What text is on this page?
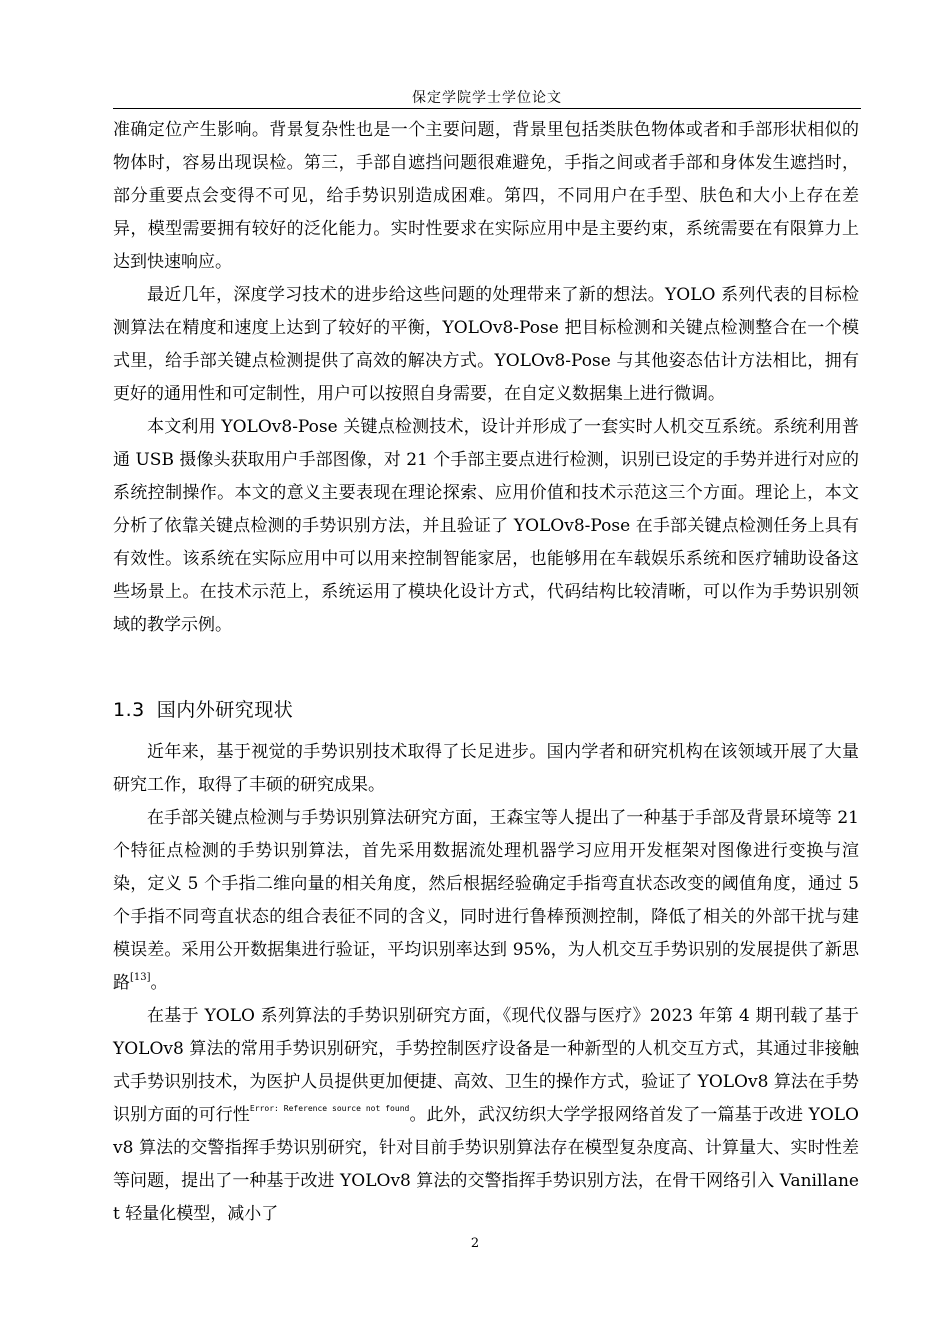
保定学院学士学位论文

准确定位产生影响。背景复杂性也是一个主要问题，背景里包括类肤色物体或者和手部形状相似的物体时，容易出现误检。第三，手部自遮挡问题很难避免，手指之间或者手部和身体发生遮挡时，部分重要点会变得不可见，给手势识别造成困难。第四，不同用户在手型、肤色和大小上存在差异，模型需要拥有较好的泛化能力。实时性要求在实际应用中是主要约束，系统需要在有限算力上达到快速响应。

最近几年，深度学习技术的进步给这些问题的处理带来了新的想法。YOLO 系列代表的目标检测算法在精度和速度上达到了较好的平衡，YOLOv8-Pose 把目标检测和关键点检测整合在一个模式里，给手部关键点检测提供了高效的解决方式。YOLOv8-Pose 与其他姿态估计方法相比，拥有更好的通用性和可定制性，用户可以按照自身需要，在自定义数据集上进行微调。

本文利用 YOLOv8-Pose 关键点检测技术，设计并形成了一套实时人机交互系统。系统利用普通 USB 摄像头获取用户手部图像，对 21 个手部主要点进行检测，识别已设定的手势并进行对应的系统控制操作。本文的意义主要表现在理论探索、应用价值和技术示范这三个方面。理论上，本文分析了依靠关键点检测的手势识别方法，并且验证了 YOLOv8-Pose 在手部关键点检测任务上具有有效性。该系统在实际应用中可以用来控制智能家居，也能够用在车载娱乐系统和医疗辅助设备这些场景上。在技术示范上，系统运用了模块化设计方式，代码结构比较清晰，可以作为手势识别领域的教学示例。

1.3 国内外研究现状

近年来，基于视觉的手势识别技术取得了长足进步。国内学者和研究机构在该领域开展了大量研究工作，取得了丰硕的研究成果。

在手部关键点检测与手势识别算法研究方面，王森宝等人提出了一种基于手部及背景环境等 21 个特征点检测的手势识别算法，首先采用数据流处理机器学习应用开发框架对图像进行变换与渲染，定义 5 个手指二维向量的相关角度，然后根据经验确定手指弯直状态改变的阈值角度，通过 5 个手指不同弯直状态的组合表征不同的含义，同时进行鲁棒预测控制，降低了相关的外部干扰与建模误差。采用公开数据集进行验证，平均识别率达到 95%，为人机交互手势识别的发展提供了新思路[13]。

在基于 YOLO 系列算法的手势识别研究方面，《现代仪器与医疗》2023 年第 4 期刊载了基于 YOLOv8 算法的常用手势识别研究，手势控制医疗设备是一种新型的人机交互方式，其通过非接触式手势识别技术，为医护人员提供更加便捷、高效、卫生的操作方式，验证了 YOLOv8 算法在手势识别方面的可行性$^{Error: Reference source not found}$。此外，武汉纺织大学学报网络首发了一篇基于改进 YOLOv8 算法的交警指挥手势识别研究，针对目前手势识别算法存在模型复杂度高、计算量大、实时性差等问题，提出了一种基于改进 YOLOv8 算法的交警指挥手势识别方法，在骨干网络引入 Vanillanet 轻量化模型，减小了

2
